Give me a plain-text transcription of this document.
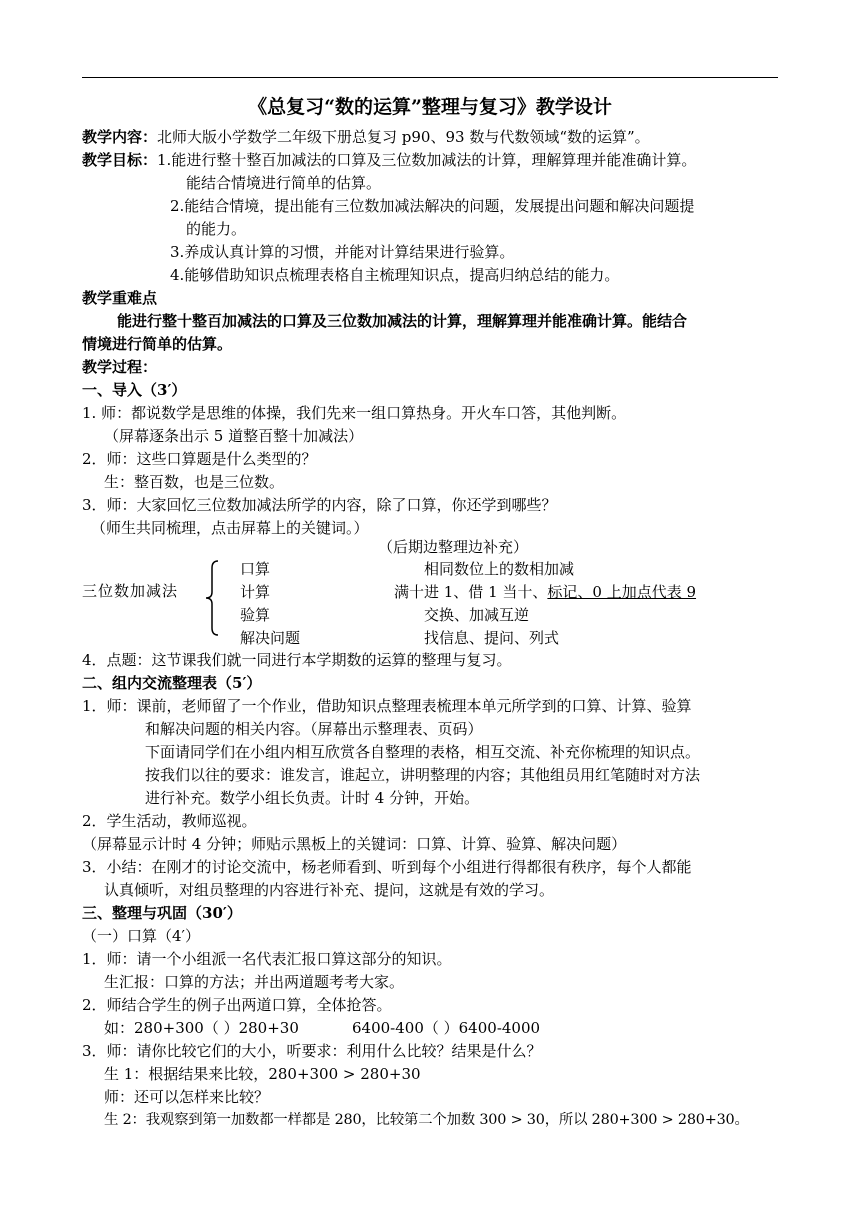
《总复习“数的运算”整理与复习》教学设计
教学内容：北师大版小学数学二年级下册总复习 p90、93 数与代数领域“数的运算”。
教学目标：1.能进行整十整百加减法的口算及三位数加减法的计算，理解算理并能准确计算。
能结合情境进行简单的估算。
2.能结合情境，提出能有三位数加减法解决的问题，发展提出问题和解决问题提
的能力。
3.养成认真计算的习惯，并能对计算结果进行验算。
4.能够借助知识点梳理表格自主梳理知识点，提高归纳总结的能力。
教学重难点
能进行整十整百加减法的口算及三位数加减法的计算，理解算理并能准确计算。能结合
情境进行简单的估算。
教学过程：
一、导入（3′）
1. 师：都说数学是思维的体操，我们先来一组口算热身。开火车口答，其他判断。
（屏幕逐条出示 5 道整百整十加减法）
2．师：这些口算题是什么类型的？
生：整百数，也是三位数。
3．师：大家回忆三位数加减法所学的内容，除了口算，你还学到哪些？
（师生共同梳理，点击屏幕上的关键词。）
（后期边整理边补充）
三位数加减法
口算	相同数位上的数相加减
计算	满十进 1、借 1 当十、标记、0 上加点代表 9
验算	交换、加减互逆
解决问题	找信息、提问、列式
4．点题：这节课我们就一同进行本学期数的运算的整理与复习。
二、组内交流整理表（5′）
1．师：课前，老师留了一个作业，借助知识点整理表梳理本单元所学到的口算、计算、验算
和解决问题的相关内容。（屏幕出示整理表、页码）
下面请同学们在小组内相互欣赏各自整理的表格，相互交流、补充你梳理的知识点。
按我们以往的要求：谁发言，谁起立，讲明整理的内容；其他组员用红笔随时对方法
进行补充。数学小组长负责。计时 4 分钟，开始。
2．学生活动，教师巡视。
（屏幕显示计时 4 分钟；师贴示黑板上的关键词：口算、计算、验算、解决问题）
3．小结：在刚才的讨论交流中，杨老师看到、听到每个小组进行得都很有秩序，每个人都能
认真倾听，对组员整理的内容进行补充、提问，这就是有效的学习。
三、整理与巩固（30′）
（一）口算（4′）
1．师：请一个小组派一名代表汇报口算这部分的知识。
生汇报：口算的方法；并出两道题考考大家。
2．师结合学生的例子出两道口算，全体抢答。
如：280+300（ ）280+30	6400-400（ ）6400-4000
3．师：请你比较它们的大小，听要求：利用什么比较？结果是什么？
生 1：根据结果来比较，280+300 > 280+30
师：还可以怎样来比较？
生 2：我观察到第一加数都一样都是 280，比较第二个加数 300 > 30，所以 280+300 > 280+30。
